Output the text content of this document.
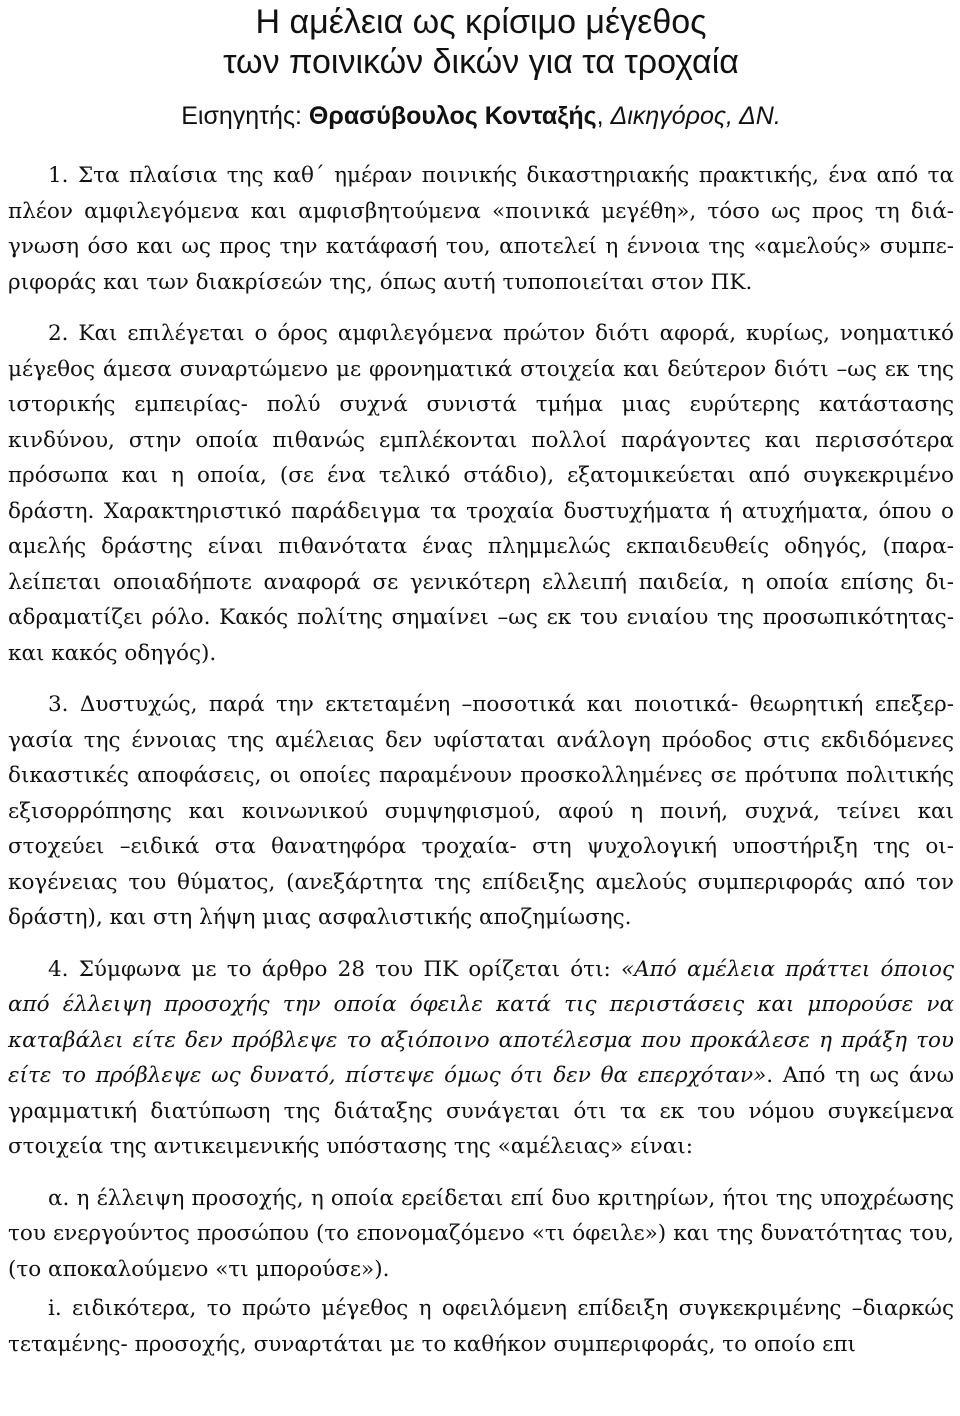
Η αμέλεια ως κρίσιμο μέγεθος
των ποινικών δικών για τα τροχαία

Εισηγητής: Θρασύβουλος Κονταξής, Δικηγόρος, ΔΝ.

1. Στα πλαίσια της καθ΄ ημέραν ποινικής δικαστηριακής πρακτικής, ένα από τα πλέον αμφιλεγόμενα και αμφισβητούμενα «ποινικά μεγέθη», τόσο ως προς τη διάγνωση όσο και ως προς την κατάφασή του, αποτελεί η έννοια της «αμελούς» συμπεριφοράς και των διακρίσεών της, όπως αυτή τυποποιείται στον ΠΚ.

2. Και επιλέγεται ο όρος αμφιλεγόμενα πρώτον διότι αφορά, κυρίως, νοηματικό μέγεθος άμεσα συναρτώμενο με φρονηματικά στοιχεία και δεύτερον διότι –ως εκ της ιστορικής εμπειρίας- πολύ συχνά συνιστά τμήμα μιας ευρύτερης κατάστασης κινδύνου, στην οποία πιθανώς εμπλέκονται πολλοί παράγοντες και περισσότερα πρόσωπα και η οποία, (σε ένα τελικό στάδιο), εξατομικεύεται από συγκεκριμένο δράστη. Χαρακτηριστικό παράδειγμα τα τροχαία δυστυχήματα ή ατυχήματα, όπου ο αμελής δράστης είναι πιθανότατα ένας πλημμελώς εκπαιδευθείς οδηγός, (παραλείπεται οποιαδήποτε αναφορά σε γενικότερη ελλειπή παιδεία, η οποία επίσης διαδραματίζει ρόλο. Κακός πολίτης σημαίνει –ως εκ του ενιαίου της προσωπικότητας- και κακός οδηγός).

3. Δυστυχώς, παρά την εκτεταμένη –ποσοτικά και ποιοτικά- θεωρητική επεξεργασία της έννοιας της αμέλειας δεν υφίσταται ανάλογη πρόοδος στις εκδιδόμενες δικαστικές αποφάσεις, οι οποίες παραμένουν προσκολλημένες σε πρότυπα πολιτικής εξισορρόπησης και κοινωνικού συμψηφισμού, αφού η ποινή, συχνά, τείνει και στοχεύει –ειδικά στα θανατηφόρα τροχαία- στη ψυχολογική υποστήριξη της οικογένειας του θύματος, (ανεξάρτητα της επίδειξης αμελούς συμπεριφοράς από τον δράστη), και στη λήψη μιας ασφαλιστικής αποζημίωσης.

4. Σύμφωνα με το άρθρο 28 του ΠΚ ορίζεται ότι: «Από αμέλεια πράττει όποιος από έλλειψη προσοχής την οποία όφειλε κατά τις περιστάσεις και μπορούσε να καταβάλει είτε δεν πρόβλεψε το αξιόποινο αποτέλεσμα που προκάλεσε η πράξη του είτε το πρόβλεψε ως δυνατό, πίστεψε όμως ότι δεν θα επερχόταν». Από τη ως άνω γραμματική διατύπωση της διάταξης συνάγεται ότι τα εκ του νόμου συγκείμενα στοιχεία της αντικειμενικής υπόστασης της «αμέλειας» είναι:

α. η έλλειψη προσοχής, η οποία ερείδεται επί δυο κριτηρίων, ήτοι της υποχρέωσης του ενεργούντος προσώπου (το επονομαζόμενο «τι όφειλε») και της δυνατότητας του, (το αποκαλούμενο «τι μπορούσε»).

i. ειδικότερα, το πρώτο μέγεθος η οφειλόμενη επίδειξη συγκεκριμένης –διαρκώς τεταμένης- προσοχής, συναρτάται με το καθήκον συμπεριφοράς, το οποίο επι
